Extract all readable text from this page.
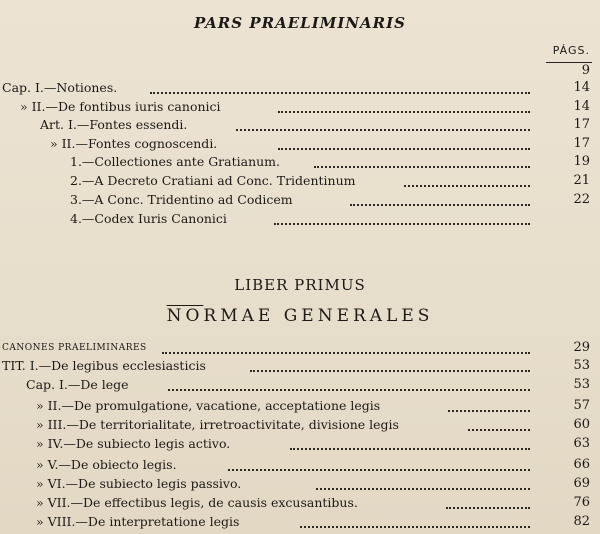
PARS PRAELIMINARIS
PÁGS.
9
Cap. I.—Notiones.	14
» II.—De fontibus iuris canonici	14
Art. I.—Fontes essendi.	17
» II.—Fontes cognoscendi.	17
1.—Collectiones ante Gratianum.	19
2.—A Decreto Cratiani ad Conc. Tridentinum	21
3.—A Conc. Tridentino ad Codicem	22
4.—Codex Iuris Canonici
LIBER PRIMUS
$\overline{NO}RMAE$ GENERALES
CANONES PRAELIMINARES	29
TIT. I.—De legibus ecclesiasticis	53
Cap. I.—De lege	53
» II.—De promulgatione, vacatione, acceptatione legis	57
» III.—De territorialitate, irretroactivitate, divisione legis	60
» IV.—De subiecto legis activo.	63
» V.—De obiecto legis.	66
» VI.—De subiecto legis passivo.	69
» VII.—De effectibus legis, de causis excusantibus.	76
» VIII.—De interpretatione legis	82
